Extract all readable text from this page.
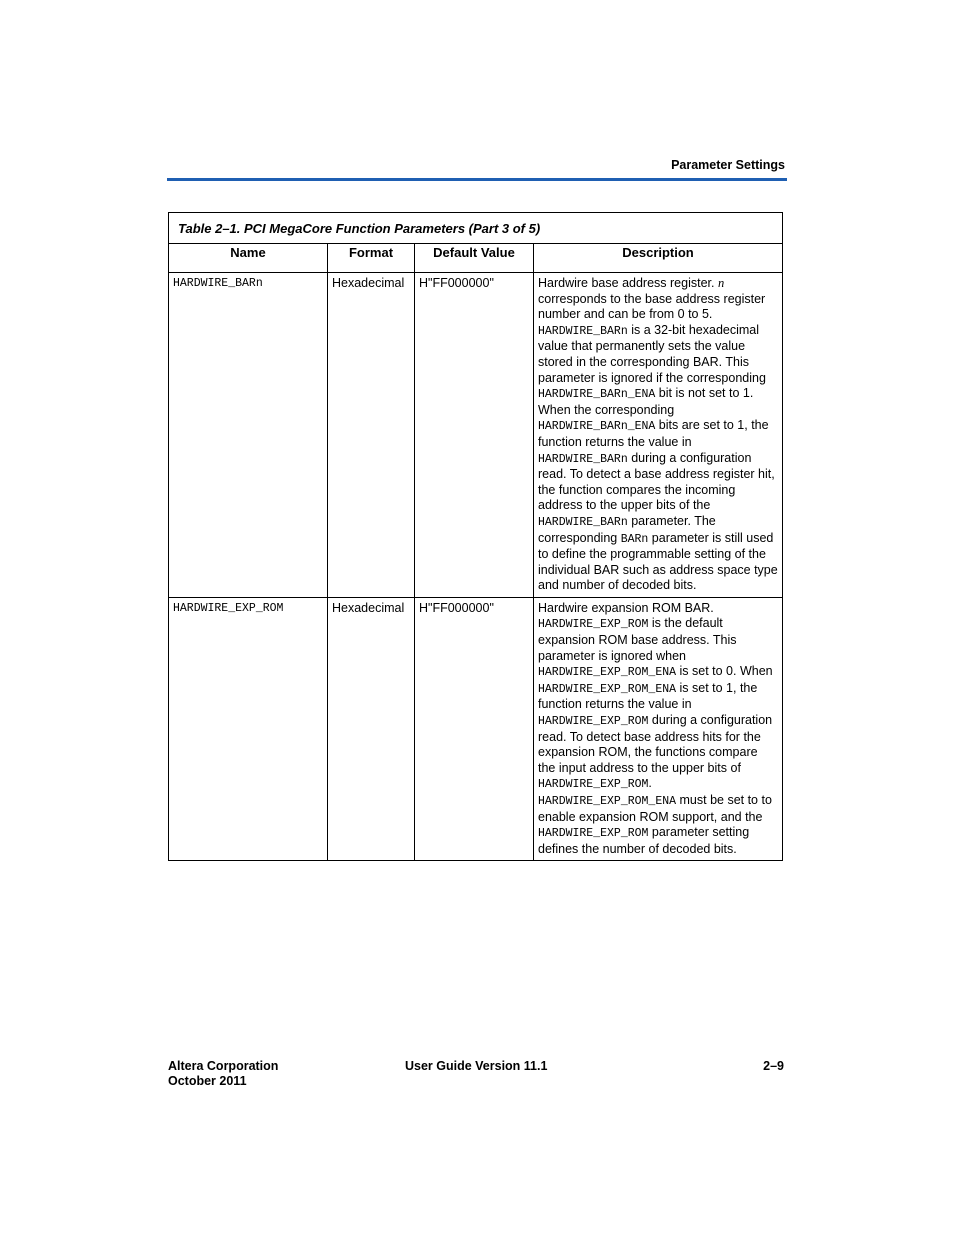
Parameter Settings
Table 2–1. PCI MegaCore Function Parameters (Part 3 of 5)			
Name	Format	Default Value	Description
HARDWIRE_BARn	Hexadecimal	H"FF000000"	Hardwire base address register. n corresponds to the base address register number and can be from 0 to 5. HARDWIRE_BARn is a 32-bit hexadecimal value that permanently sets the value stored in the corresponding BAR. This parameter is ignored if the corresponding HARDWIRE_BARn_ENA bit is not set to 1. When the corresponding HARDWIRE_BARn_ENA bits are set to 1, the function returns the value in HARDWIRE_BARn during a configuration read. To detect a base address register hit, the function compares the incoming address to the upper bits of the HARDWIRE_BARn parameter. The corresponding BARn parameter is still used to define the programmable setting of the individual BAR such as address space type and number of decoded bits.
HARDWIRE_EXP_ROM	Hexadecimal	H"FF000000"	Hardwire expansion ROM BAR. HARDWIRE_EXP_ROM is the default expansion ROM base address. This parameter is ignored when HARDWIRE_EXP_ROM_ENA is set to 0. When HARDWIRE_EXP_ROM_ENA is set to 1, the function returns the value in HARDWIRE_EXP_ROM during a configuration read. To detect base address hits for the expansion ROM, the functions compare the input address to the upper bits of HARDWIRE_EXP_ROM. HARDWIRE_EXP_ROM_ENA must be set to to enable expansion ROM support, and the HARDWIRE_EXP_ROM parameter setting defines the number of decoded bits.
Altera Corporation
October 2011
User Guide Version 11.1	2–9
